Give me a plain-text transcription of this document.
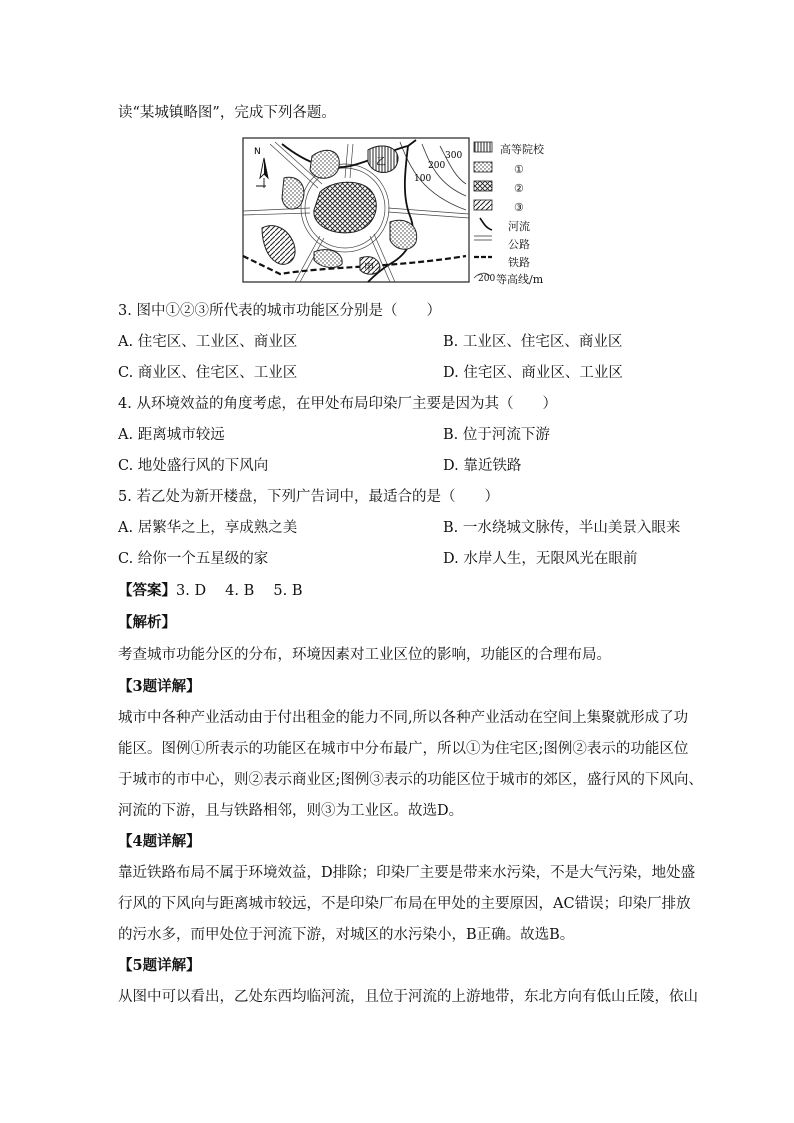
读“某城镇略图”，完成下列各题。
300
200
100
乙
甲
N	高等院校
①
②
③
河流
公路
铁路
200 等高线/m
3. 图中①②③所代表的城市功能区分别是（　　）
A. 住宅区、工业区、商业区	B. 工业区、住宅区、商业区
C. 商业区、住宅区、工业区	D. 住宅区、商业区、工业区
4. 从环境效益的角度考虑，在甲处布局印染厂主要是因为其（　　）
A. 距离城市较远	B. 位于河流下游
C. 地处盛行风的下风向	D. 靠近铁路
5. 若乙处为新开楼盘，下列广告词中，最适合的是（　　）
A. 居繁华之上，享成熟之美	B. 一水绕城文脉传，半山美景入眼来
C. 给你一个五星级的家	D. 水岸人生，无限风光在眼前
【答案】3. D　 4. B　 5. B
【解析】
考查城市功能分区的分布，环境因素对工业区位的影响，功能区的合理布局。
【3题详解】
城市中各种产业活动由于付出租金的能力不同,所以各种产业活动在空间上集聚就形成了功
能区。图例①所表示的功能区在城市中分布最广，所以①为住宅区;图例②表示的功能区位
于城市的市中心，则②表示商业区;图例③表示的功能区位于城市的郊区，盛行风的下风向、
河流的下游，且与铁路相邻，则③为工业区。故选D。
【4题详解】
靠近铁路布局不属于环境效益，D排除；印染厂主要是带来水污染，不是大气污染，地处盛
行风的下风向与距离城市较远，不是印染厂布局在甲处的主要原因，AC错误；印染厂排放
的污水多，而甲处位于河流下游，对城区的水污染小，B正确。故选B。
【5题详解】
从图中可以看出，乙处东西均临河流，且位于河流的上游地带，东北方向有低山丘陵，依山
